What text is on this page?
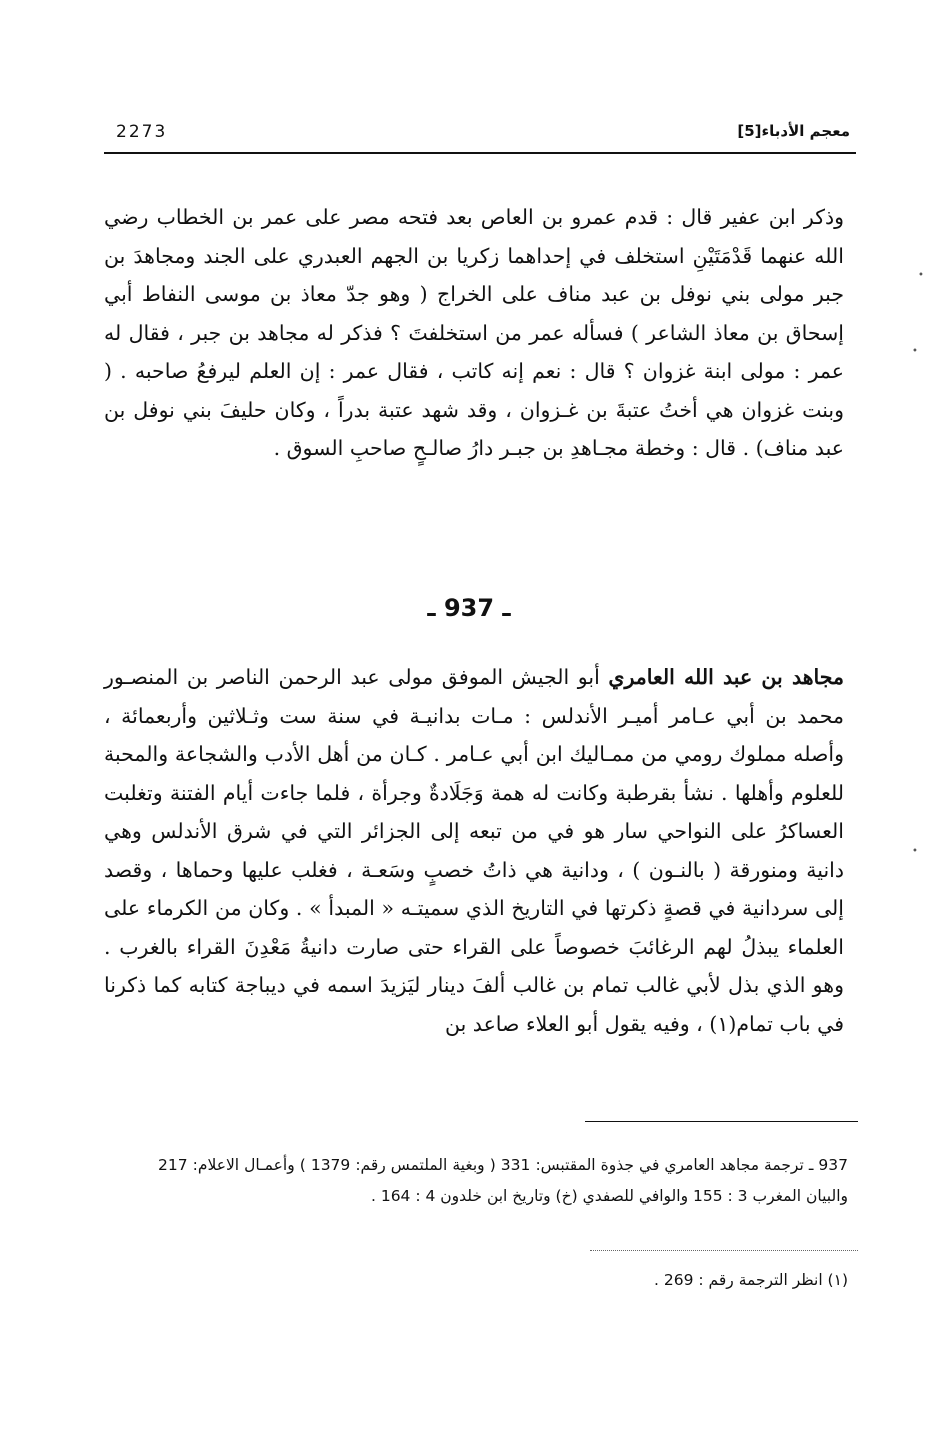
2273	معجم الأدباء[5]

وذكر ابن عفير قال : قدم عمرو بن العاص بعد فتحه مصر على عمر بن الخطاب رضي الله عنهما قَدْمَتَيْنِ استخلف في إحداهما زكريا بن الجهم العبدري على الجند ومجاهدَ بن جبر مولى بني نوفل بن عبد مناف على الخراج ( وهو جدّ معاذ بن موسى النفاط أبي إسحاق بن معاذ الشاعر ) فسأله عمر من استخلفتَ ؟ فذكر له مجاهد بن جبر ، فقال له عمر : مولى ابنة غزوان ؟ قال : نعم إنه كاتب ، فقال عمر : إن العلم ليرفعُ صاحبه . ( وبنت غزوان هي أختُ عتبةَ بن غـزوان ، وقد شهد عتبة بدراً ، وكان حليفَ بني نوفل بن عبد مناف) . قال : وخطة مجـاهدِ بن جبـر دارُ صالـحٍ صاحبِ السوق .

ـ 937 ـ

مجاهد بن عبد الله العامري أبو الجيش الموفق مولى عبد الرحمن الناصر بن المنصـور محمد بن أبي عـامر أميـر الأندلس : مـات بدانيـة في سنة ست وثـلاثين وأربعمائة ، وأصله مملوك رومي من ممـاليك ابن أبي عـامر . كـان من أهل الأدب والشجاعة والمحبة للعلوم وأهلها . نشأ بقرطبة وكانت له همة وَجَلَادةٌ وجرأة ، فلما جاءت أيام الفتنة وتغلبت العساكرُ على النواحي سار هو في من تبعه إلى الجزائر التي في شرق الأندلس وهي دانية ومنورقة ( بالنـون ) ، ودانية هي ذاتُ خصبٍ وسَعـة ، فغلب عليها وحماها ، وقصد إلى سردانية في قصةٍ ذكرتها في التاريخ الذي سميتـه « المبدأ » . وكان من الكرماء على العلماء يبذلُ لهم الرغائبَ خصوصاً على القراء حتى صارت دانيةُ مَعْدِنَ القراء بالغرب . وهو الذي بذل لأبي غالب تمام بن غالب ألفَ دينار ليَزيدَ اسمه في ديباجة كتابه كما ذكرنا في باب تمام(١) ، وفيه يقول أبو العلاء صاعد بن

937 ـ ترجمة مجاهد العامري في جذوة المقتبس: 331 ( وبغية الملتمس رقم: 1379 ) وأعمـال الاعلام: 217 والبيان المغرب 3 : 155 والوافي للصفدي (خ) وتاريخ ابن خلدون 4 : 164 .
(١) انظر الترجمة رقم : 269 .
•
•
•
